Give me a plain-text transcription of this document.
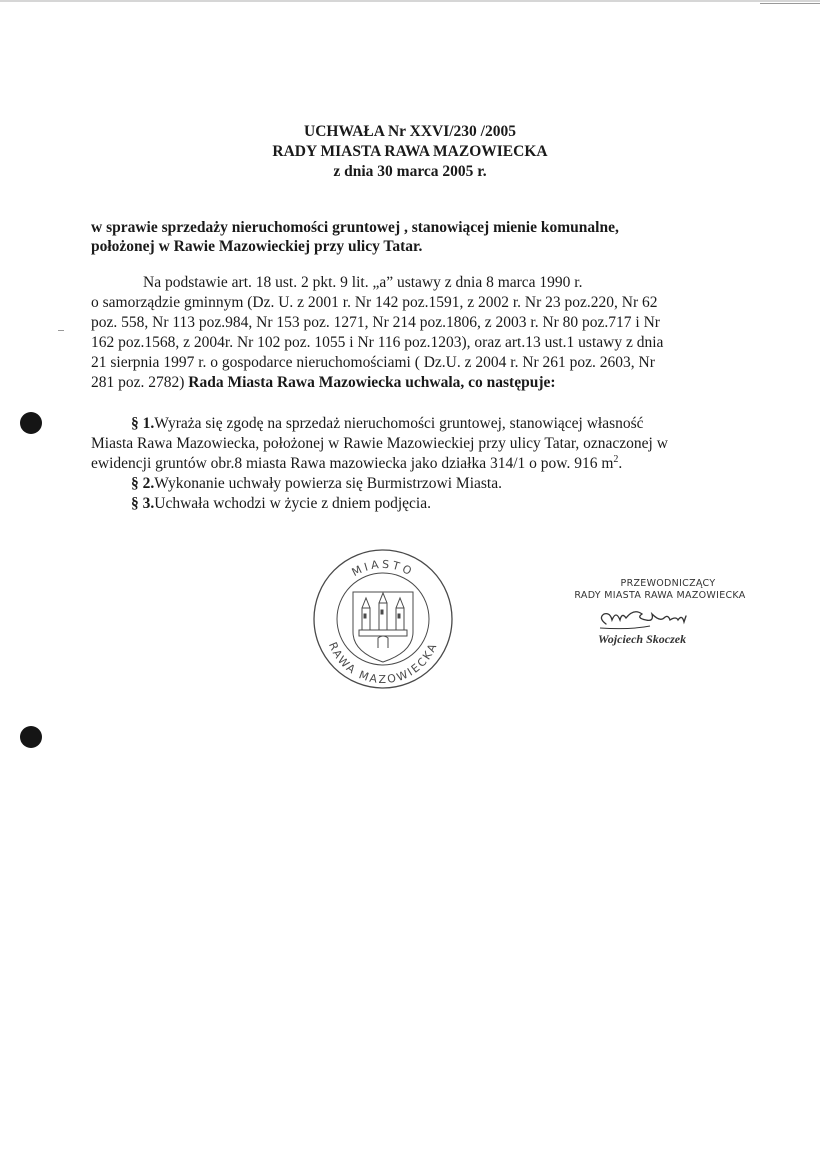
UCHWAŁA Nr XXVI/230 /2005
RADY MIASTA RAWA MAZOWIECKA
z dnia 30 marca 2005 r.
w sprawie sprzedaży nieruchomości gruntowej , stanowiącej mienie komunalne,
położonej w Rawie Mazowieckiej przy ulicy Tatar.
Na podstawie art. 18 ust. 2 pkt. 9 lit. „a” ustawy z dnia 8 marca 1990 r.
o samorządzie gminnym (Dz. U. z 2001 r. Nr 142 poz.1591, z 2002 r. Nr 23 poz.220, Nr 62
poz. 558, Nr 113 poz.984, Nr 153 poz. 1271, Nr 214 poz.1806, z 2003 r. Nr 80 poz.717 i Nr
162 poz.1568, z 2004r. Nr 102 poz. 1055 i Nr 116 poz.1203), oraz art.13 ust.1 ustawy z dnia
21 sierpnia 1997 r. o gospodarce nieruchomościami ( Dz.U. z 2004 r. Nr 261 poz. 2603, Nr
281 poz. 2782) Rada Miasta Rawa Mazowiecka uchwala, co następuje:
§ 1.Wyraża się zgodę na sprzedaż nieruchomości gruntowej, stanowiącej własność
Miasta Rawa Mazowiecka, położonej w Rawie Mazowieckiej przy ulicy Tatar, oznaczonej w
ewidencji gruntów obr.8 miasta Rawa mazowiecka jako działka 314/1 o pow. 916 $m^2$.
§ 2.Wykonanie uchwały powierza się Burmistrzowi Miasta.
§ 3.Uchwała wchodzi w życie z dniem podjęcia.
MIASTO
RAWA MAZOWIECKA
PRZEWODNICZĄCY
RADY MIASTA RAWA MAZOWIECKA
Wojciech Skoczek
